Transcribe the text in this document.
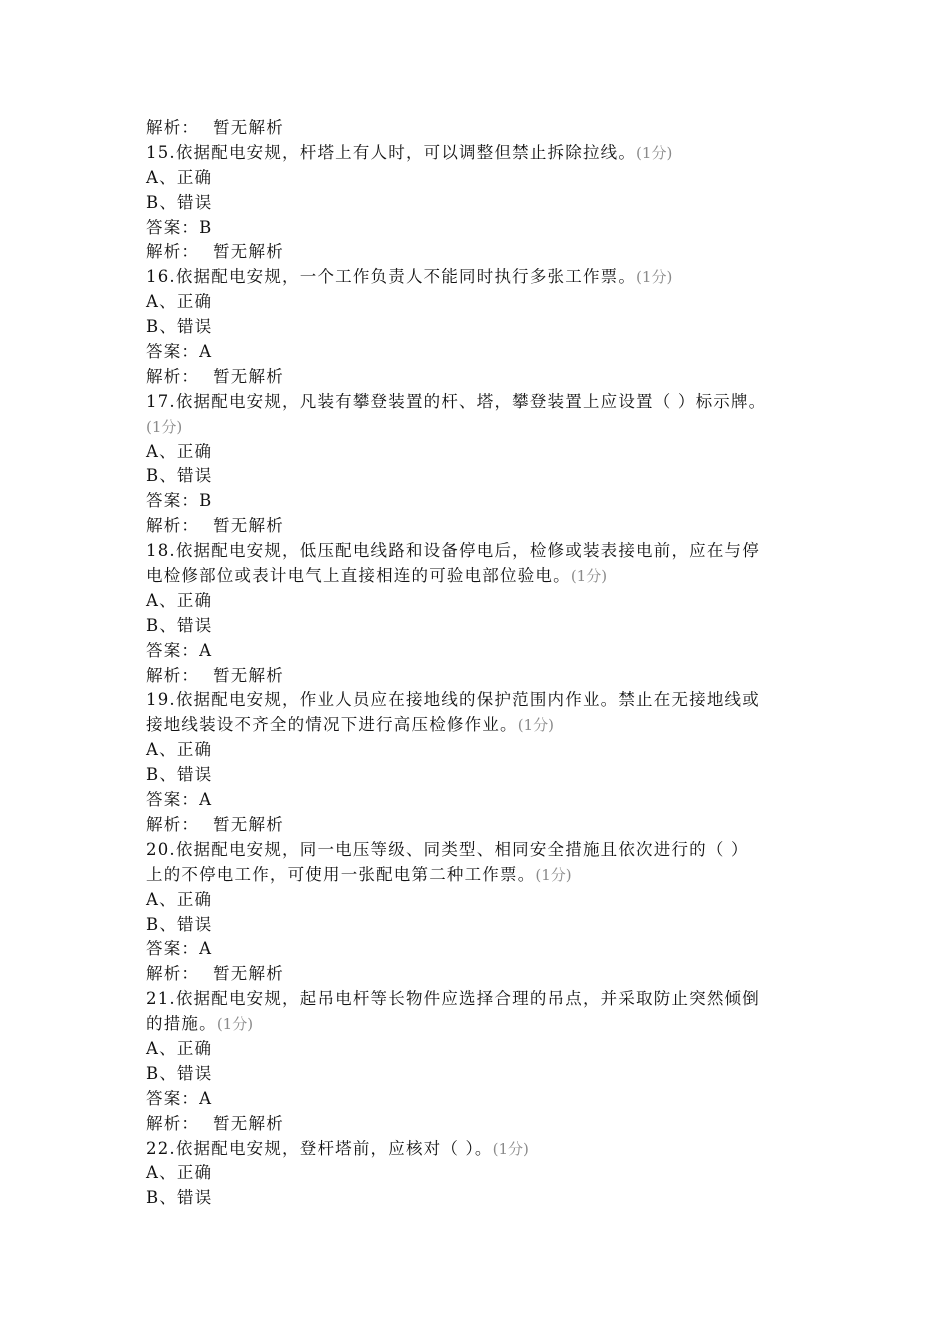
解析： 暂无解析
15.依据配电安规，杆塔上有人时，可以调整但禁止拆除拉线。(1分)
A、正确
B、错误
答案：B
解析： 暂无解析
16.依据配电安规，一个工作负责人不能同时执行多张工作票。(1分)
A、正确
B、错误
答案：A
解析： 暂无解析
17.依据配电安规，凡装有攀登装置的杆、塔，攀登装置上应设置（ ）标示牌。
(1分)
A、正确
B、错误
答案：B
解析： 暂无解析
18.依据配电安规，低压配电线路和设备停电后，检修或装表接电前，应在与停
电检修部位或表计电气上直接相连的可验电部位验电。(1分)
A、正确
B、错误
答案：A
解析： 暂无解析
19.依据配电安规，作业人员应在接地线的保护范围内作业。禁止在无接地线或
接地线装设不齐全的情况下进行高压检修作业。(1分)
A、正确
B、错误
答案：A
解析： 暂无解析
20.依据配电安规，同一电压等级、同类型、相同安全措施且依次进行的（ ）
上的不停电工作，可使用一张配电第二种工作票。(1分)
A、正确
B、错误
答案：A
解析： 暂无解析
21.依据配电安规，起吊电杆等长物件应选择合理的吊点，并采取防止突然倾倒
的措施。(1分)
A、正确
B、错误
答案：A
解析： 暂无解析
22.依据配电安规，登杆塔前，应核对（ ）。(1分)
A、正确
B、错误
